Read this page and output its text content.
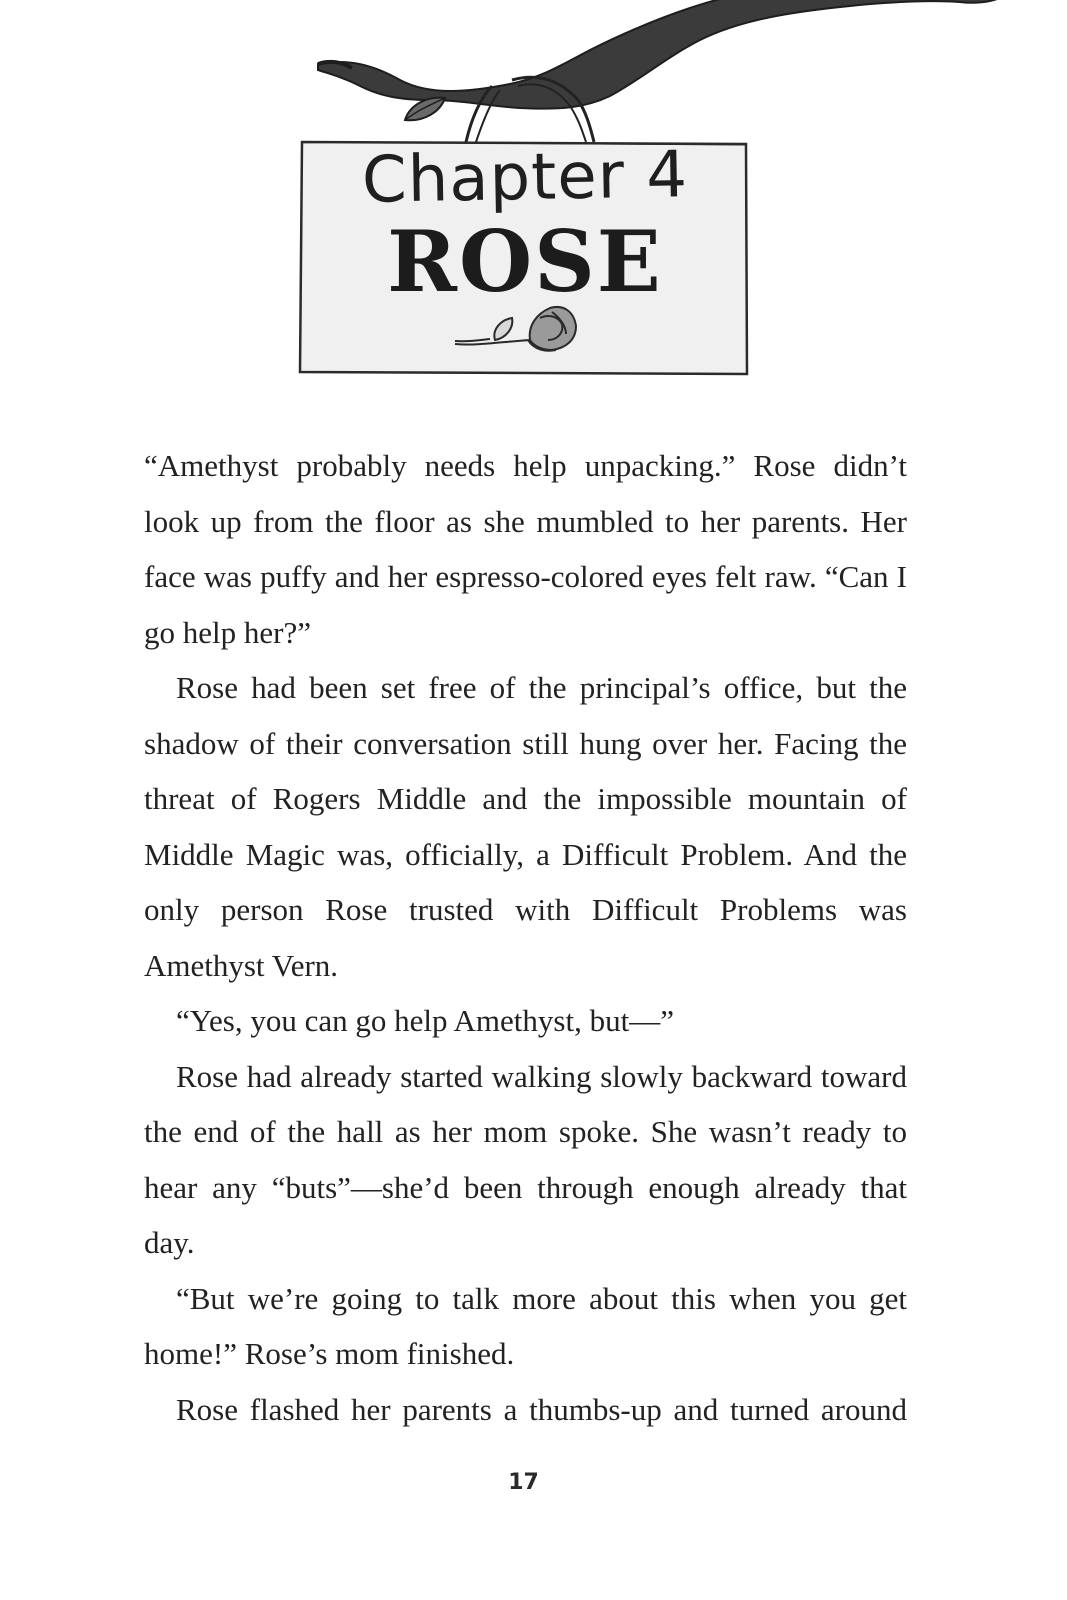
Chapter 4
ROSE

“Amethyst probably needs help unpacking.” Rose didn’t look up from the floor as she mumbled to her parents. Her face was puffy and her espresso-colored eyes felt raw. “Can I go help her?”

Rose had been set free of the principal’s office, but the shadow of their conversation still hung over her. Facing the threat of Rogers Middle and the impossible mountain of Middle Magic was, officially, a Difficult Problem. And the only person Rose trusted with Difficult Problems was Amethyst Vern.

“Yes, you can go help Amethyst, but—”

Rose had already started walking slowly backward toward the end of the hall as her mom spoke. She wasn’t ready to hear any “buts”—she’d been through enough already that day.

“But we’re going to talk more about this when you get home!” Rose’s mom finished.

Rose flashed her parents a thumbs-up and turned around

17
